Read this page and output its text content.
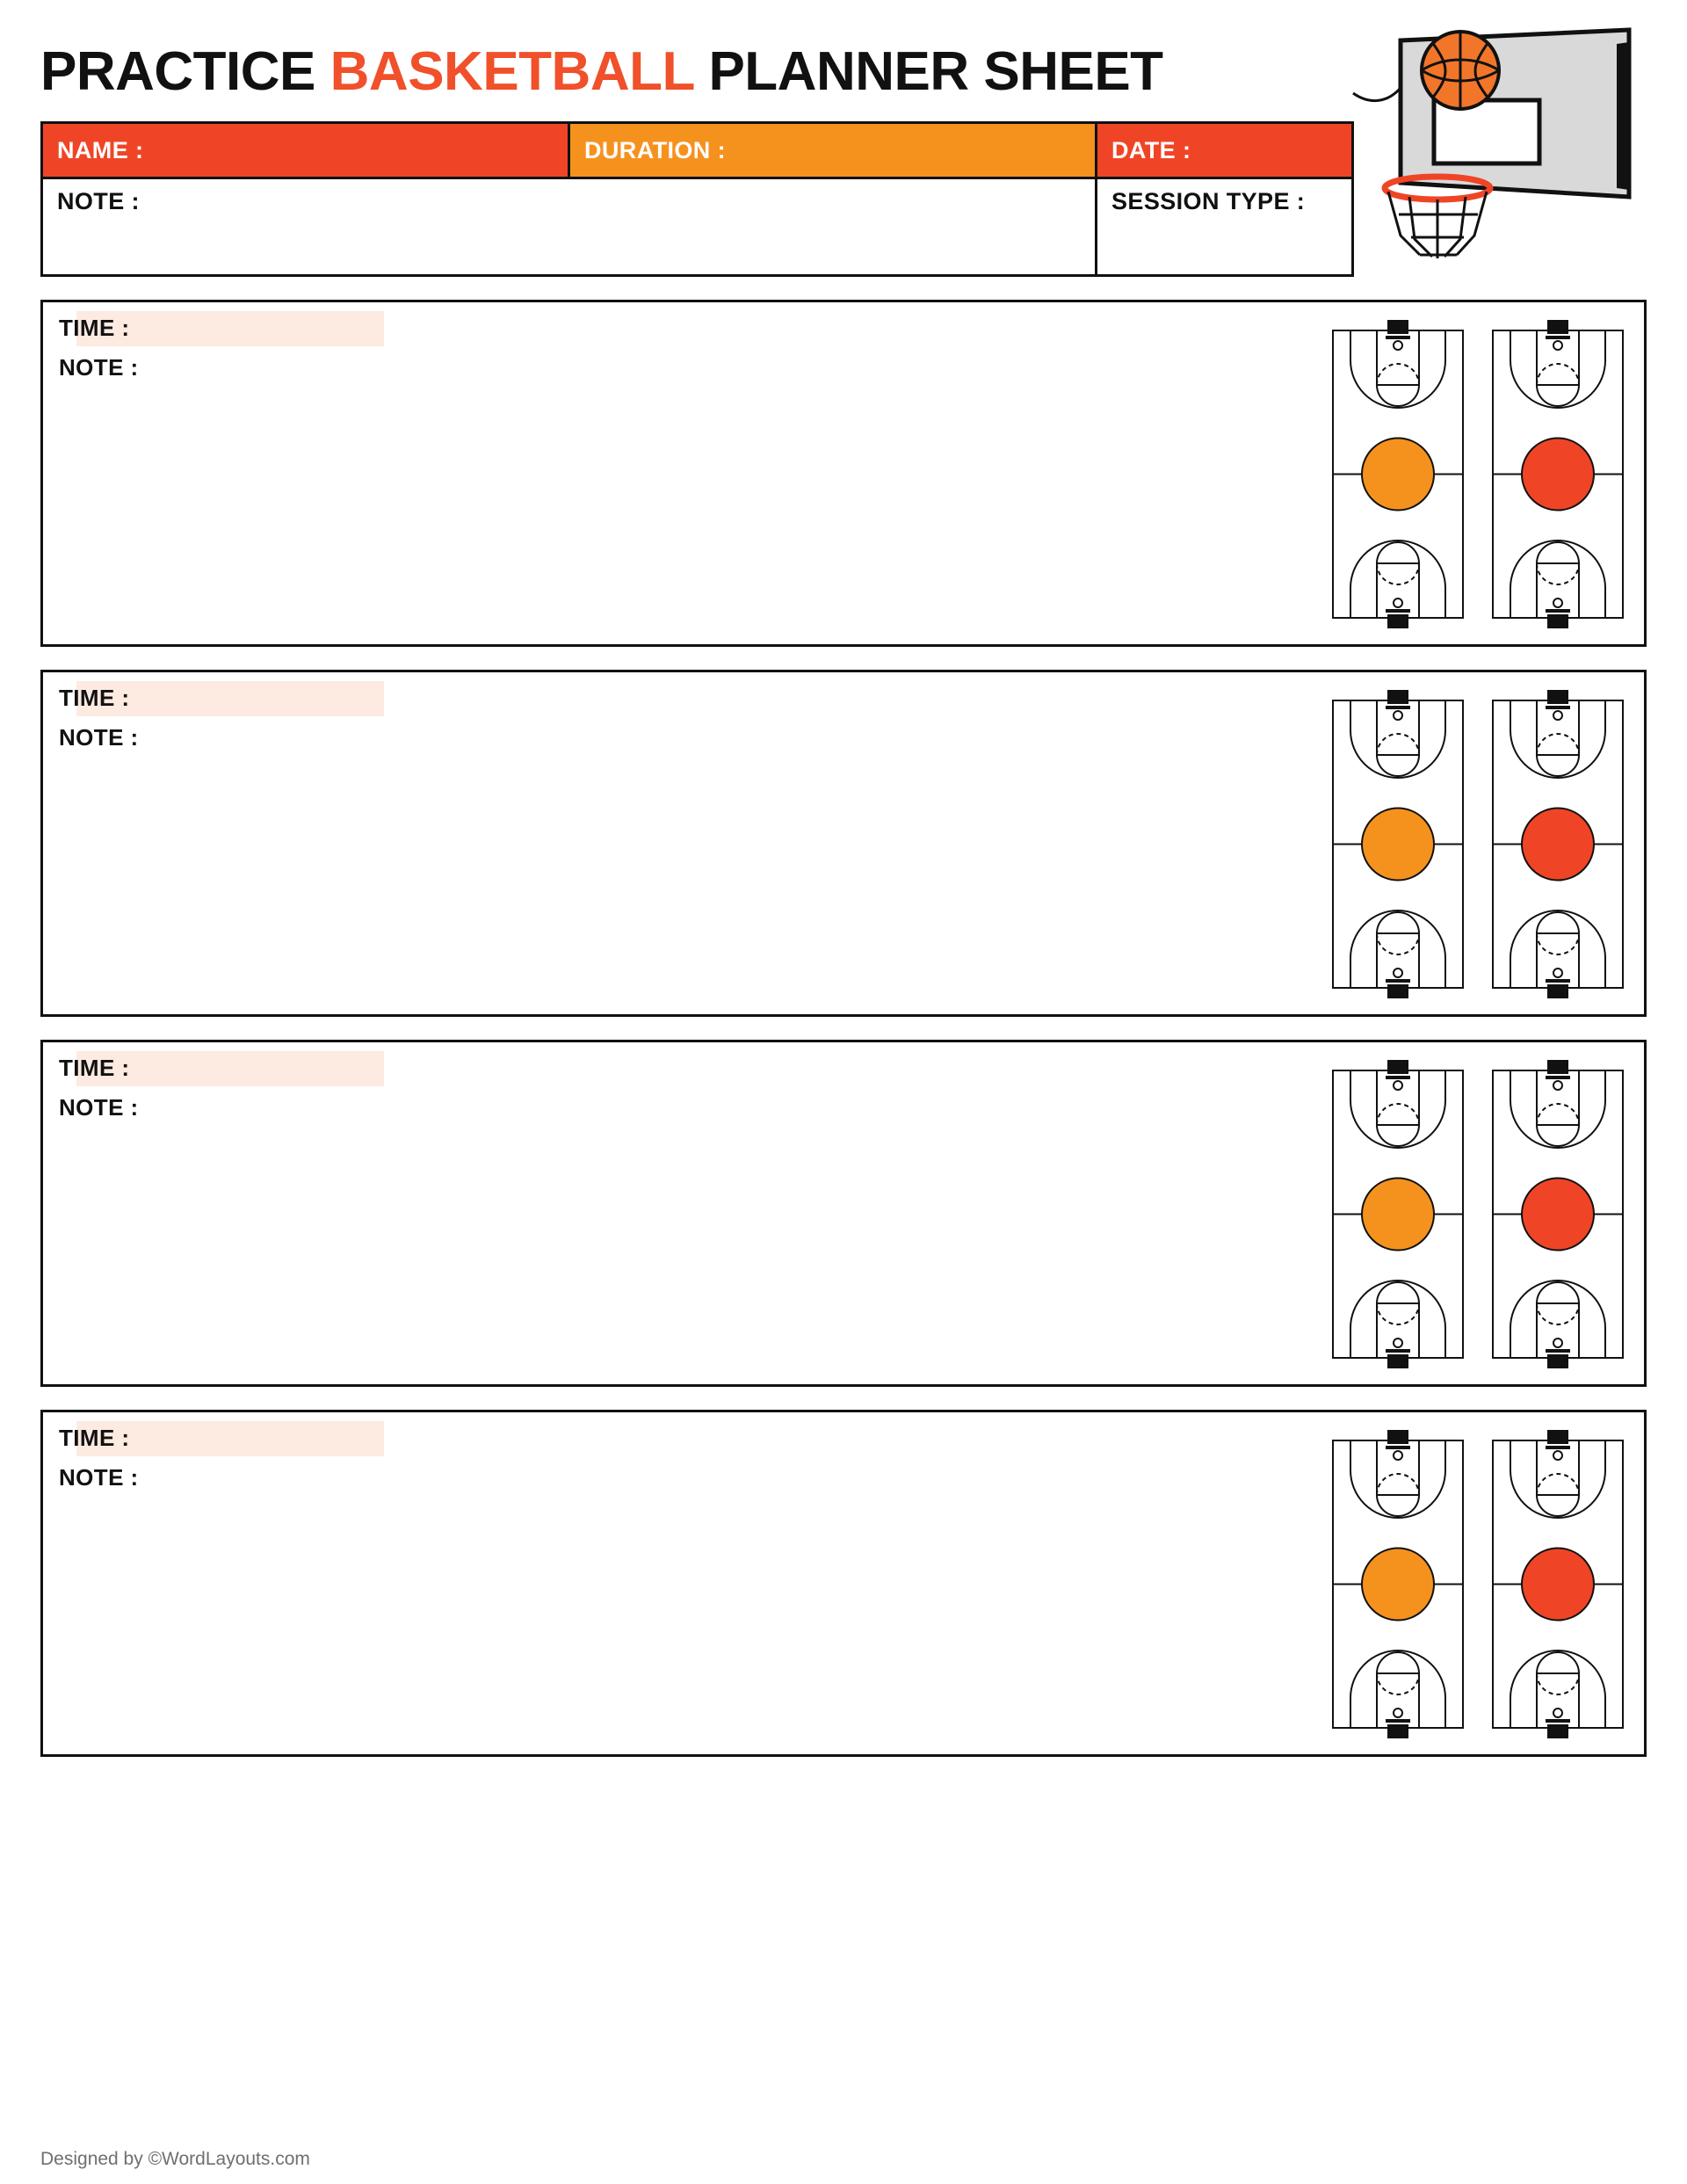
PRACTICE BASKETBALL PLANNER SHEET
NAME :	DURATION :	DATE :
NOTE :	SESSION TYPE :
TIME :
NOTE :
TIME :
NOTE :
TIME :
NOTE :
TIME :
NOTE :
Designed by ©WordLayouts.com
